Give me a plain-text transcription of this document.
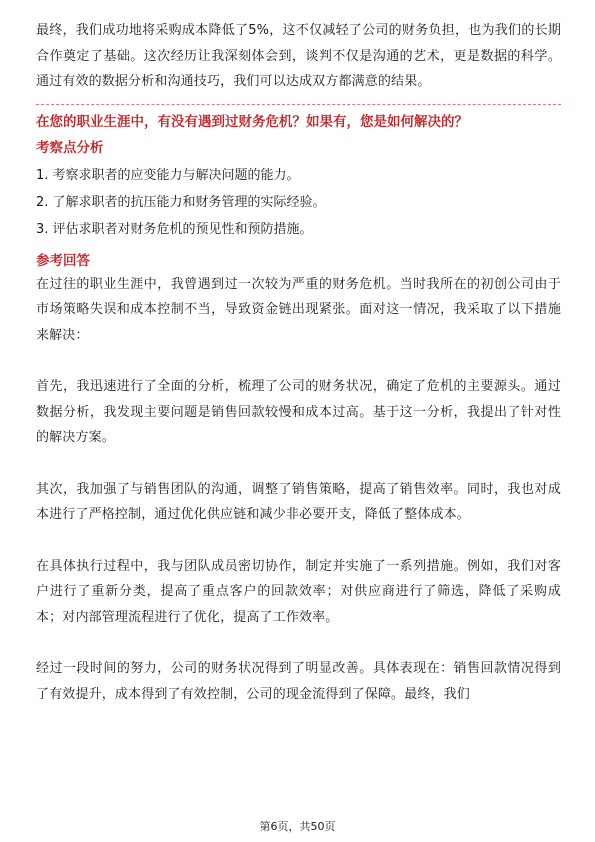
最终，我们成功地将采购成本降低了5%，这不仅减轻了公司的财务负担，也为我们的长期合作奠定了基础。这次经历让我深刻体会到，谈判不仅是沟通的艺术，更是数据的科学。通过有效的数据分析和沟通技巧，我们可以达成双方都满意的结果。

在您的职业生涯中，有没有遇到过财务危机？如果有，您是如何解决的？

考察点分析

1. 考察求职者的应变能力与解决问题的能力。

2. 了解求职者的抗压能力和财务管理的实际经验。

3. 评估求职者对财务危机的预见性和预防措施。

参考回答

在过往的职业生涯中，我曾遇到过一次较为严重的财务危机。当时我所在的初创公司由于市场策略失误和成本控制不当，导致资金链出现紧张。面对这一情况，我采取了以下措施来解决：

首先，我迅速进行了全面的分析，梳理了公司的财务状况，确定了危机的主要源头。通过数据分析，我发现主要问题是销售回款较慢和成本过高。基于这一分析，我提出了针对性的解决方案。

其次，我加强了与销售团队的沟通，调整了销售策略，提高了销售效率。同时，我也对成本进行了严格控制，通过优化供应链和减少非必要开支，降低了整体成本。

在具体执行过程中，我与团队成员密切协作，制定并实施了一系列措施。例如，我们对客户进行了重新分类，提高了重点客户的回款效率；对供应商进行了筛选，降低了采购成本；对内部管理流程进行了优化，提高了工作效率。

经过一段时间的努力，公司的财务状况得到了明显改善。具体表现在：销售回款情况得到了有效提升，成本得到了有效控制，公司的现金流得到了保障。最终，我们

第6页，共50页
